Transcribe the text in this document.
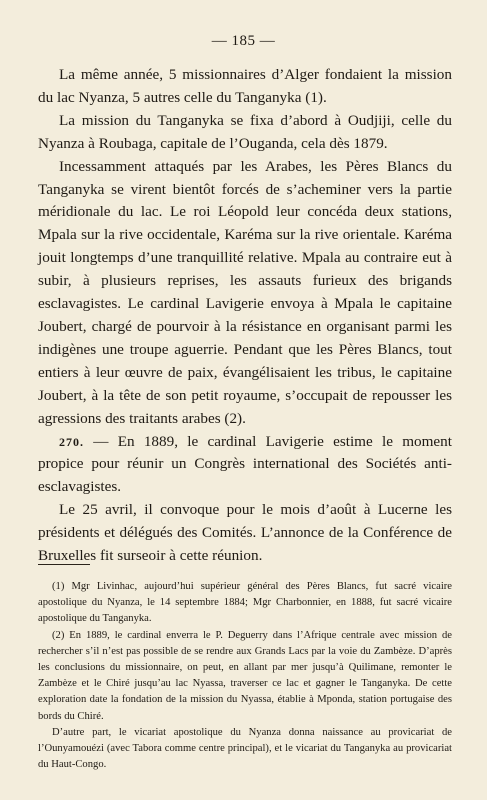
— 185 —

La même année, 5 missionnaires d’Alger fondaient la mission du lac Nyanza, 5 autres celle du Tanganyka (1).

La mission du Tanganyka se fixa d’abord à Oudjiji, celle du Nyanza à Roubaga, capitale de l’Ouganda, cela dès 1879.

Incessamment attaqués par les Arabes, les Pères Blancs du Tanganyka se virent bientôt forcés de s’acheminer vers la partie méridionale du lac. Le roi Léopold leur concéda deux stations, Mpala sur la rive occidentale, Karéma sur la rive orientale. Karéma jouit longtemps d’une tranquillité relative. Mpala au contraire eut à subir, à plusieurs reprises, les assauts furieux des brigands esclavagistes. Le cardinal Lavigerie envoya à Mpala le capitaine Joubert, chargé de pourvoir à la résistance en organisant parmi les indigènes une troupe aguerrie. Pendant que les Pères Blancs, tout entiers à leur œuvre de paix, évangélisaient les tribus, le capitaine Joubert, à la tête de son petit royaume, s’occupait de repousser les agressions des traitants arabes (2).

270. — En 1889, le cardinal Lavigerie estime le moment propice pour réunir un Congrès international des Sociétés anti-esclavagistes.

Le 25 avril, il convoque pour le mois d’août à Lucerne les présidents et délégués des Comités. L’annonce de la Conférence de Bruxelles fit surseoir à cette réunion.

(1) Mgr Livinhac, aujourd’hui supérieur général des Pères Blancs, fut sacré vicaire apostolique du Nyanza, le 14 septembre 1884; Mgr Charbonnier, en 1888, fut sacré vicaire apostolique du Tanganyka.

(2) En 1889, le cardinal enverra le P. Deguerry dans l’Afrique centrale avec mission de rechercher s’il n’est pas possible de se rendre aux Grands Lacs par la voie du Zambèze. D’après les conclusions du missionnaire, on peut, en allant par mer jusqu’à Quilimane, remonter le Zambèze et le Chiré jusqu’au lac Nyassa, traverser ce lac et gagner le Tanganyka. De cette exploration date la fondation de la mission du Nyassa, établie à Mponda, station portugaise des bords du Chiré.

D’autre part, le vicariat apostolique du Nyanza donna naissance au provicariat de l’Ounyamouézi (avec Tabora comme centre principal), et le vicariat du Tanganyka au provicariat du Haut-Congo.
